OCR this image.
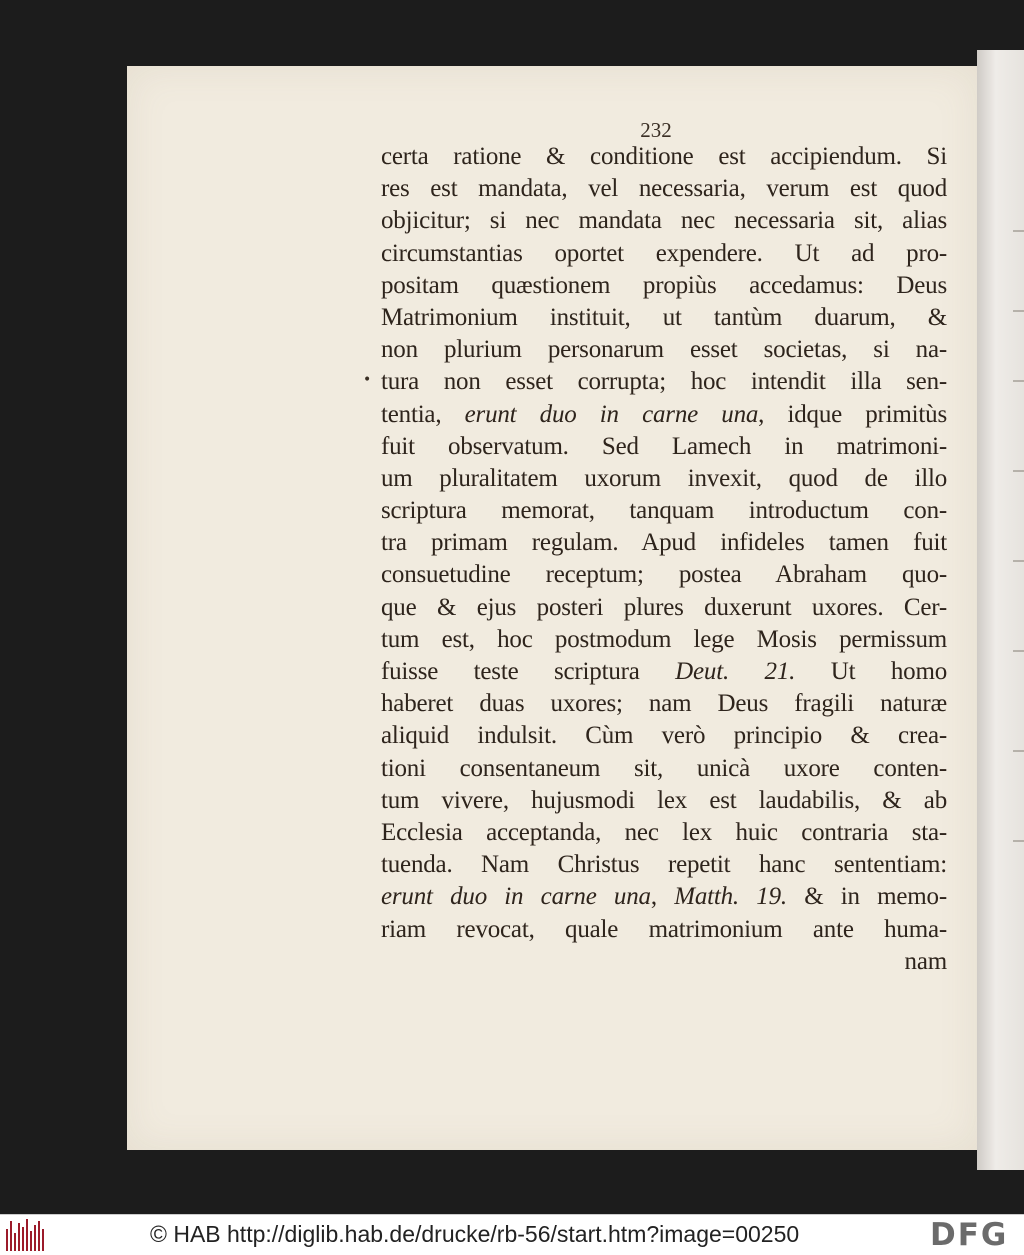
232
•
certa ratione & conditione est accipiendum. Si
res est mandata, vel necessaria, verum est quod
objicitur; si nec mandata nec necessaria sit, alias
circumstantias oportet expendere. Ut ad pro-
positam quæstionem propiùs accedamus: Deus
Matrimonium instituit, ut tantùm duarum, &
non plurium personarum esset societas, si na-
tura non esset corrupta; hoc intendit illa sen-
tentia, erunt duo in carne una, idque primitùs
fuit observatum. Sed Lamech in matrimoni-
um pluralitatem uxorum invexit, quod de illo
scriptura memorat, tanquam introductum con-
tra primam regulam. Apud infideles tamen fuit
consuetudine receptum; postea Abraham quo-
que & ejus posteri plures duxerunt uxores. Cer-
tum est, hoc postmodum lege Mosis permissum
fuisse teste scriptura Deut. 21. Ut homo
haberet duas uxores; nam Deus fragili naturæ
aliquid indulsit. Cùm verò principio & crea-
tioni consentaneum sit, unicà uxore conten-
tum vivere, hujusmodi lex est laudabilis, & ab
Ecclesia acceptanda, nec lex huic contraria sta-
tuenda. Nam Christus repetit hanc sententiam:
erunt duo in carne una, Matth. 19. & in memo-
riam revocat, quale matrimonium ante huma-
nam
© HAB http://diglib.hab.de/drucke/rb-56/start.htm?image=00250	DFG
